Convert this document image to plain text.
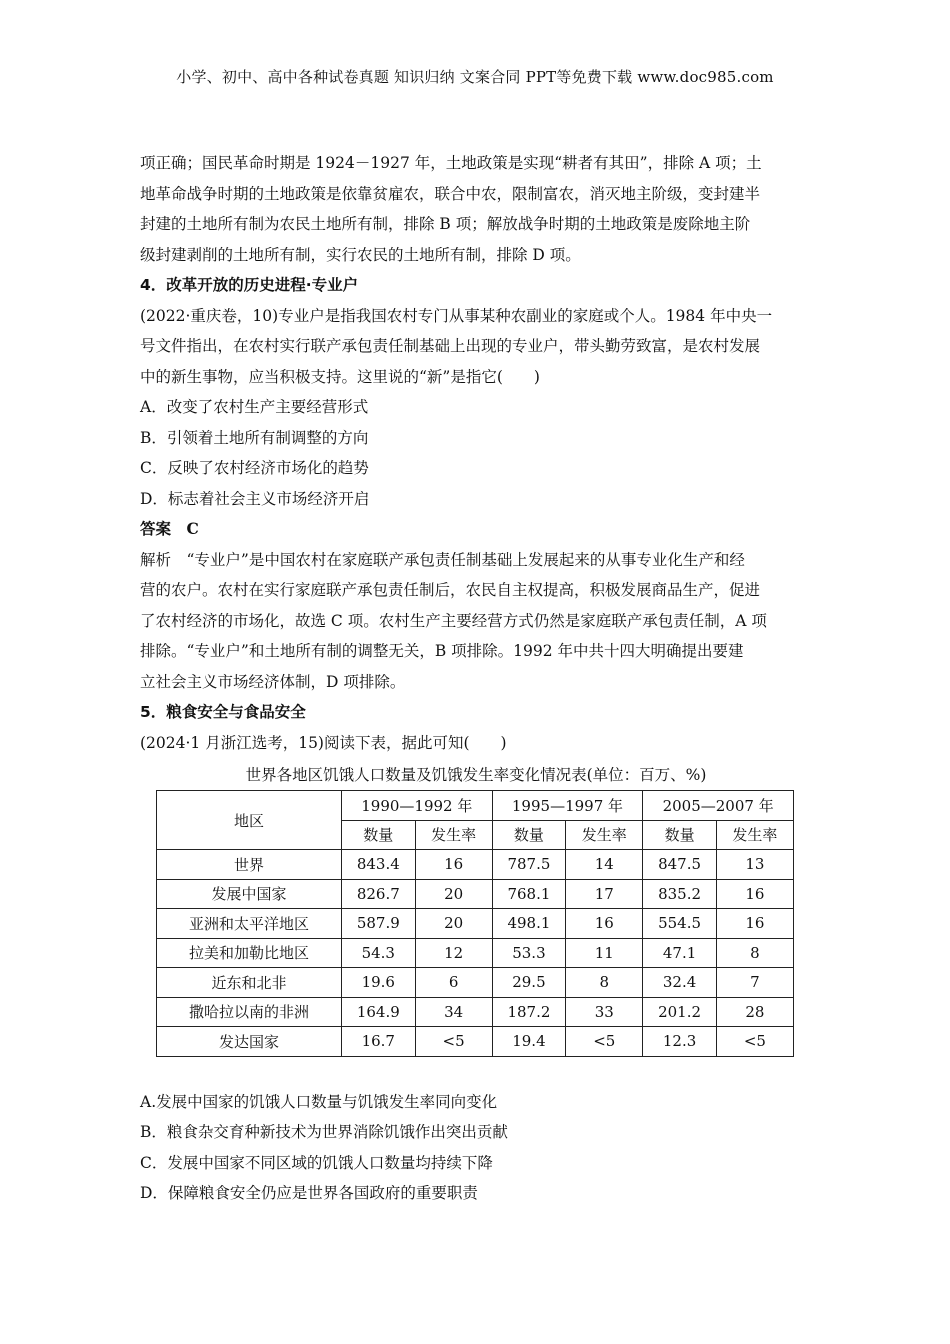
小学、初中、高中各种试卷真题 知识归纳 文案合同 PPT等免费下载 www.doc985.com

项正确；国民革命时期是 1924－1927 年，土地政策是实现“耕者有其田”，排除 A 项；土

地革命战争时期的土地政策是依靠贫雇农，联合中农，限制富农，消灭地主阶级，变封建半

封建的土地所有制为农民土地所有制，排除 B 项；解放战争时期的土地政策是废除地主阶

级封建剥削的土地所有制，实行农民的土地所有制，排除 D 项。

4．改革开放的历史进程·专业户

(2022·重庆卷，10)专业户是指我国农村专门从事某种农副业的家庭或个人。1984 年中央一

号文件指出，在农村实行联产承包责任制基础上出现的专业户，带头勤劳致富，是农村发展

中的新生事物，应当积极支持。这里说的“新”是指它(　　)

A．改变了农村生产主要经营形式

B．引领着土地所有制调整的方向

C．反映了农村经济市场化的趋势

D．标志着社会主义市场经济开启

答案　C

解析　“专业户”是中国农村在家庭联产承包责任制基础上发展起来的从事专业化生产和经

营的农户。农村在实行家庭联产承包责任制后，农民自主权提高，积极发展商品生产，促进

了农村经济的市场化，故选 C 项。农村生产主要经营方式仍然是家庭联产承包责任制，A 项

排除。“专业户”和土地所有制的调整无关，B 项排除。1992 年中共十四大明确提出要建

立社会主义市场经济体制，D 项排除。

5．粮食安全与食品安全

(2024·1 月浙江选考，15)阅读下表，据此可知(　　)

世界各地区饥饿人口数量及饥饿发生率变化情况表(单位：百万、%)
地区	1990—1992 年		1995—1997 年		2005—2007 年	
	数量	发生率	数量	发生率	数量	发生率
世界	843.4	16	787.5	14	847.5	13
发展中国家	826.7	20	768.1	17	835.2	16
亚洲和太平洋地区	587.9	20	498.1	16	554.5	16
拉美和加勒比地区	54.3	12	53.3	11	47.1	8
近东和北非	19.6	6	29.5	8	32.4	7
撒哈拉以南的非洲	164.9	34	187.2	33	201.2	28
发达国家	16.7	<5	19.4	<5	12.3	<5

A.发展中国家的饥饿人口数量与饥饿发生率同向变化

B．粮食杂交育种新技术为世界消除饥饿作出突出贡献

C．发展中国家不同区域的饥饿人口数量均持续下降

D．保障粮食安全仍应是世界各国政府的重要职责
